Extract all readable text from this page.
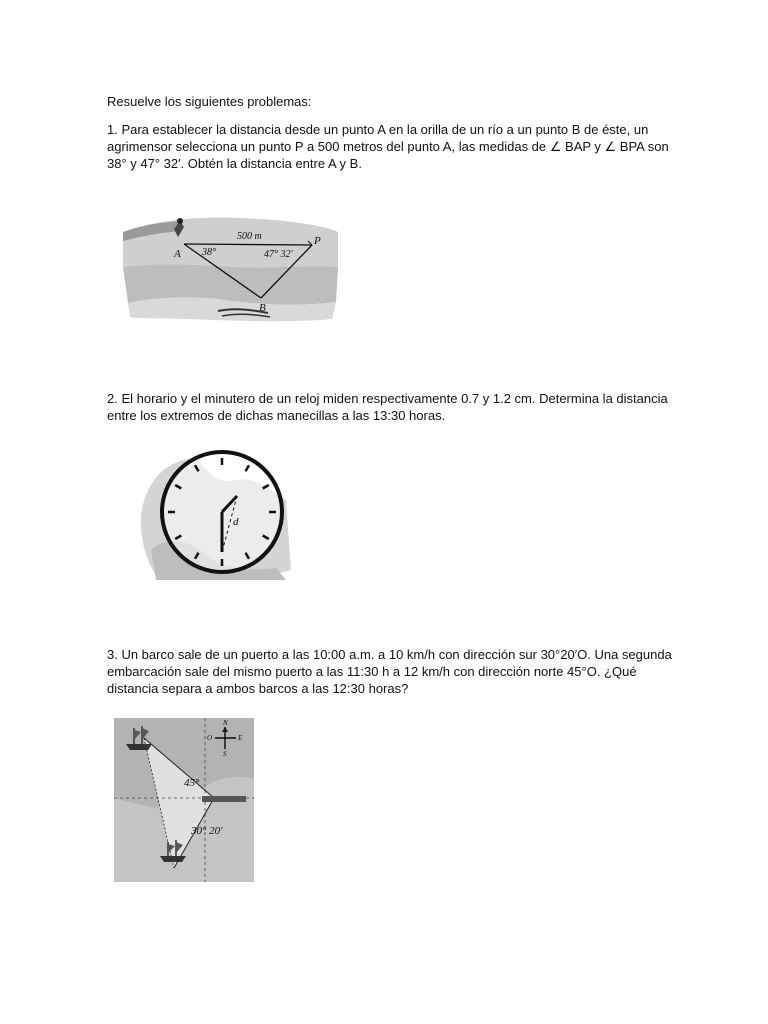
Resuelve los siguientes problemas:
1. Para establecer la distancia desde un punto A en la orilla de un río a un punto B de éste, un
agrimensor selecciona un punto P a 500 metros del punto A, las medidas de ∠ BAP y ∠ BPA son
38° y 47° 32′. Obtén la distancia entre A y B.
A
P
B
500 m
38°	47° 32′
2. El horario y el minutero de un reloj miden respectivamente 0.7 y 1.2 cm. Determina la distancia
entre los extremos de dichas manecillas a las 13:30 horas.
d
3. Un barco sale de un puerto a las 10:00 a.m. a 10 km/h con dirección sur 30°20′O. Una segunda
embarcación sale del mismo puerto a las 11:30 h a 12 km/h con dirección norte 45°O. ¿Qué
distancia separa a ambos barcos a las 12:30 horas?
N
S
E
O
45°
30° 20′
